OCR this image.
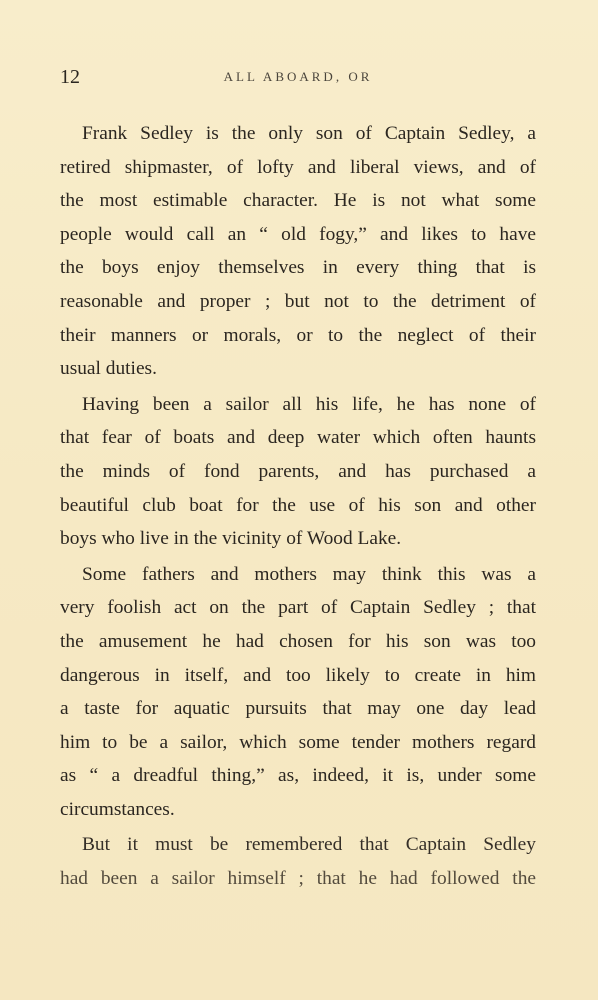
12	ALL ABOARD, OR

Frank Sedley is the only son of Captain Sedley, a
retired shipmaster, of lofty and liberal views, and of
the most estimable character. He is not what some
people would call an “ old fogy,” and likes to have
the boys enjoy themselves in every thing that is
reasonable and proper ; but not to the detriment of
their manners or morals, or to the neglect of their
usual duties.

Having been a sailor all his life, he has none of
that fear of boats and deep water which often haunts
the minds of fond parents, and has purchased a
beautiful club boat for the use of his son and other
boys who live in the vicinity of Wood Lake.

Some fathers and mothers may think this was a
very foolish act on the part of Captain Sedley ; that
the amusement he had chosen for his son was too
dangerous in itself, and too likely to create in him
a taste for aquatic pursuits that may one day lead
him to be a sailor, which some tender mothers regard
as “ a dreadful thing,” as, indeed, it is, under some
circumstances.

But it must be remembered that Captain Sedley
had been a sailor himself ; that he had followed the
